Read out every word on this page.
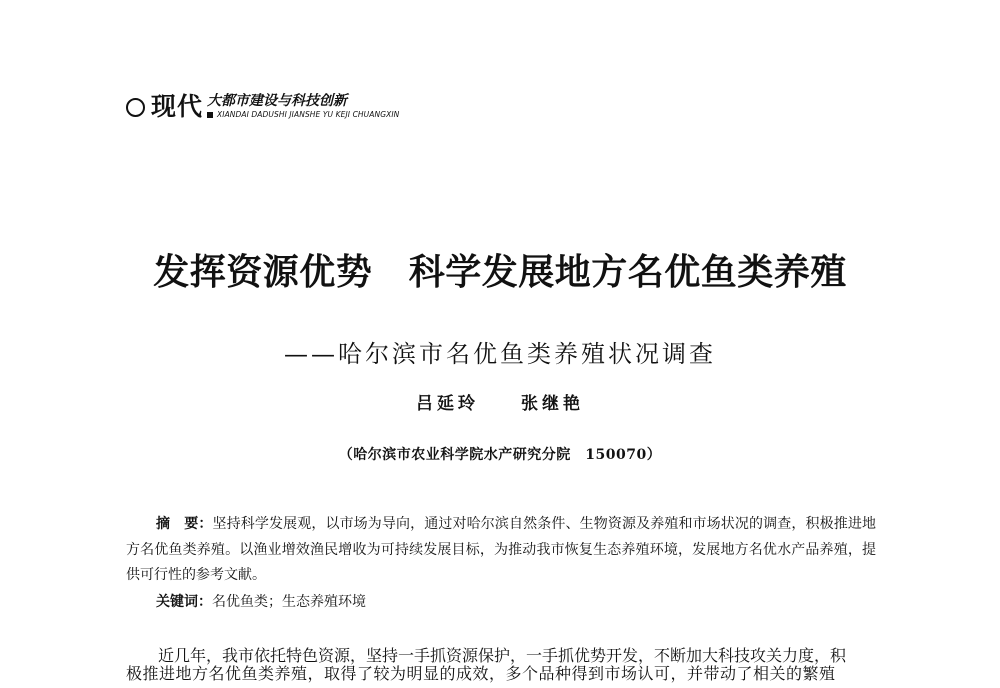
现代 大都市建设与科技创新
XIANDAI DADUSHI JIANSHE YU KEJI CHUANGXIN
发挥资源优势　科学发展地方名优鱼类养殖
——哈尔滨市名优鱼类养殖状况调查
吕延玲　　张继艳
（哈尔滨市农业科学院水产研究分院　150070）
摘　要：坚持科学发展观，以市场为导向，通过对哈尔滨自然条件、生物资源及养殖和市场状况的调查，积极推进地方名优鱼类养殖。以渔业增效渔民增收为可持续发展目标，为推动我市恢复生态养殖环境，发展地方名优水产品养殖，提供可行性的参考文献。
关键词：名优鱼类；生态养殖环境
近几年，我市依托特色资源，坚持一手抓资源保护，一手抓优势开发，不断加大科技攻关力度，积
极推进地方名优鱼类养殖，取得了较为明显的成效，多个品种得到市场认可，并带动了相关的繁殖
